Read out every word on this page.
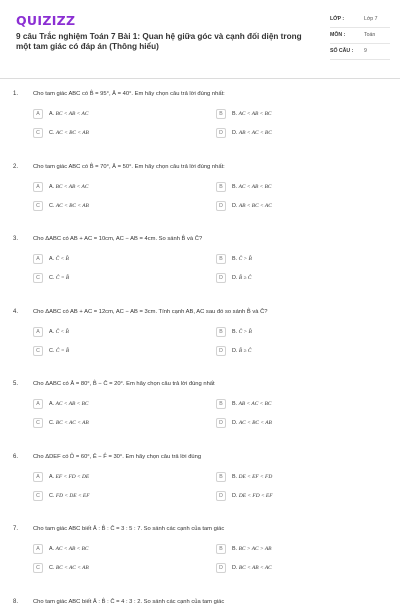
QUIZIZZ
9 câu Trắc nghiệm Toán 7 Bài 1: Quan hệ giữa góc và cạnh đối diện trong một tam giác có đáp án (Thông hiểu)
LỚP :	Lớp 7
MÔN :	Toán
SỐ CÂU :	9
1.	Cho tam giác ABC có B̂ = 95°, Â = 40°. Em hãy chọn câu trả lời đúng nhất:
A	A. BC < AB < AC	B	B. AC < AB < BC
C	C. AC < BC < AB	D	D. AB < AC < BC
2.	Cho tam giác ABC có B̂ = 70°, Â = 50°. Em hãy chọn câu trả lời đúng nhất:
A	A. BC < AB < AC	B	B. AC < AB < BC
C	C. AC < BC < AB	D	D. AB < BC < AC
3.	Cho ΔABC có AB + AC = 10cm, AC − AB = 4cm. So sánh B̂ và Ĉ?
A	A. Ĉ < B̂	B	B. Ĉ > B̂
C	C. Ĉ = B̂	D	D. B̂ ≥ Ĉ
4.	Cho ΔABC có AB + AC = 12cm, AC − AB = 3cm. Tính cạnh AB, AC sau đó so sánh B̂ và Ĉ?
A	A. Ĉ < B̂	B	B. Ĉ > B̂
C	C. Ĉ = B̂	D	D. B̂ ≥ Ĉ
5.	Cho ΔABC có Â = 80°, B̂ − Ĉ = 20°. Em hãy chọn câu trả lời đúng nhất
A	A. AC < AB < BC	B	B. AB < AC < BC
C	C. BC < AC < AB	D	D. AC < BC < AB
6.	Cho ΔDEF có D̂ = 60°, Ê − F̂ = 30°. Em hãy chọn câu trả lời đúng
A	A. EF < FD < DE	B	B. DE < EF < FD
C	C. FD < DE < EF	D	D. DE < FD < EF
7.	Cho tam giác ABC biết Â : B̂ : Ĉ = 3 : 5 : 7. So sánh các cạnh của tam giác
A	A. AC < AB < BC	B	B. BC > AC > AB
C	C. BC < AC < AB	D	D. BC < AB < AC
8.	Cho tam giác ABC biết Â : B̂ : Ĉ = 4 : 3 : 2. So sánh các cạnh của tam giác
